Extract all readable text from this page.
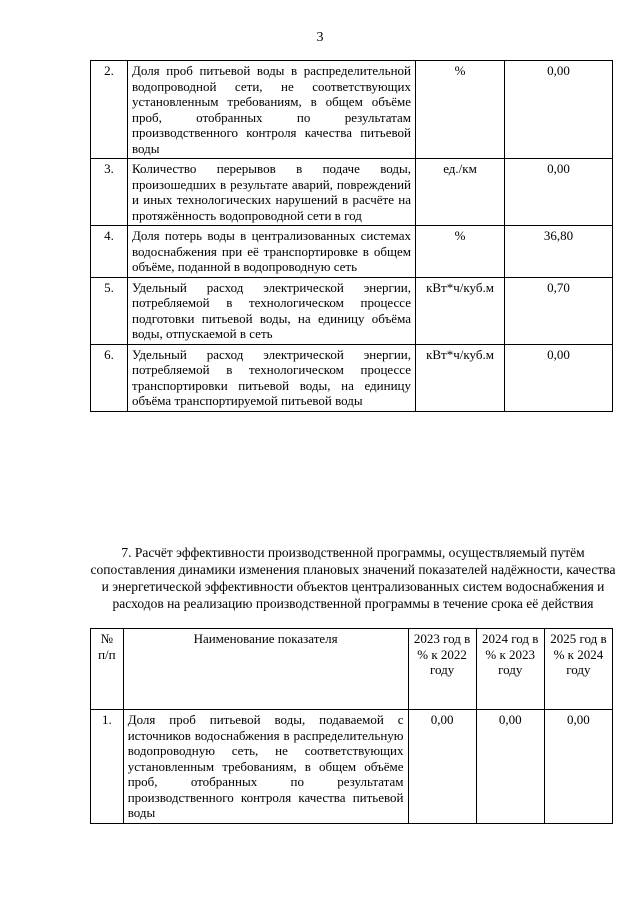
3
2.	Доля проб питьевой воды в распределительной водопроводной сети, не соответствующих установленным требованиям, в общем объёме проб, отобранных по результатам производственного контроля качества питьевой воды	%	0,00
3.	Количество перерывов в подаче воды, произошедших в результате аварий, повреждений и иных технологических нарушений в расчёте на протяжённость водопроводной сети в год	ед./км	0,00
4.	Доля потерь воды в централизованных системах водоснабжения при её транспортировке в общем объёме, поданной в водопроводную сеть	%	36,80
5.	Удельный расход электрической энергии, потребляемой в технологическом процессе подготовки питьевой воды, на единицу объёма воды, отпускаемой в сеть	кВт*ч/куб.м	0,70
6.	Удельный расход электрической энергии, потребляемой в технологическом процессе транспортировки питьевой воды, на единицу объёма транспортируемой питьевой воды	кВт*ч/куб.м	0,00
7. Расчёт эффективности производственной программы, осуществляемый путём сопоставления динамики изменения плановых значений показателей надёжности, качества и энергетической эффективности объектов централизованных систем водоснабжения и расходов на реализацию производственной программы в течение срока её действия
№ п/п	Наименование показателя	2023 год в % к 2022 году	2024 год в % к 2023 году	2025 год в % к 2024 году
1.	Доля проб питьевой воды, подаваемой с источников водоснабжения в распределительную водопроводную сеть, не соответствующих установленным требованиям, в общем объёме проб, отобранных по результатам производственного контроля качества питьевой воды	0,00	0,00	0,00
